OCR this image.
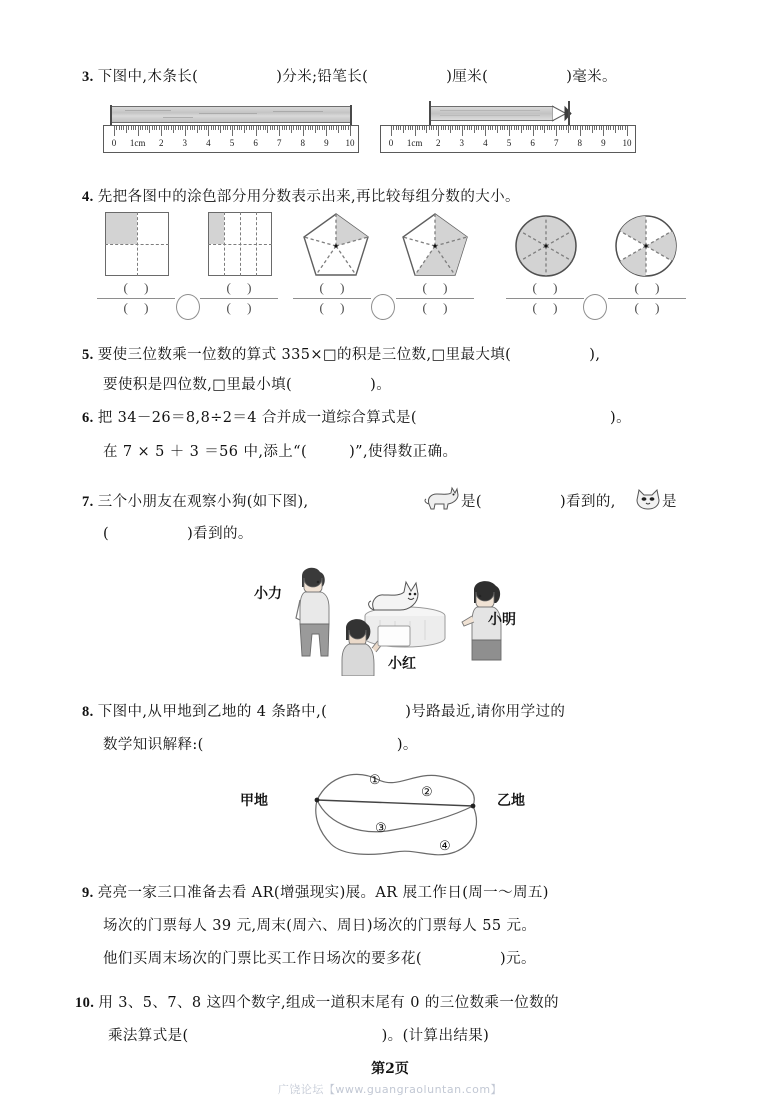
3. 下图中,木条长(	)分米;铅笔长(	)厘米(	)毫米。
0	1cm	2	3	4	5	6	7	8	9	10	0	1cm	2	3	4	5	6	7	8	9	10
4. 先把各图中的涂色部分用分数表示出来,再比较每组分数的大小。
(     )
(     )
(     )
(     )
(     )
(     )
(     )
(     )
(     )
(     )
(     )
(     )
5. 要使三位数乘一位数的算式 335×□的积是三位数,□里最大填(	),
要使积是四位数,□里最小填(	)。
6. 把 34－26＝8,8÷2＝4 合并成一道综合算式是(	)。
在 7 × 5 ＋ 3 ＝56 中,添上“(	)”,使得数正确。
7. 三个小朋友在观察小狗(如下图),	是(	)看到的,	是
(	)看到的。
小力
小红
小明
8. 下图中,从甲地到乙地的 4 条路中,(	)号路最近,请你用学过的
数学知识解释:(	)。
①
②
③
④
甲地	乙地
9. 亮亮一家三口准备去看 AR(增强现实)展。AR 展工作日(周一～周五)
场次的门票每人 39 元,周末(周六、周日)场次的门票每人 55 元。
他们买周末场次的门票比买工作日场次的要多花(	)元。
10. 用 3、5、7、8 这四个数字,组成一道积末尾有 0 的三位数乘一位数的
乘法算式是(	)。(计算出结果)
第2页
广饶论坛【www.guangraoluntan.com】
